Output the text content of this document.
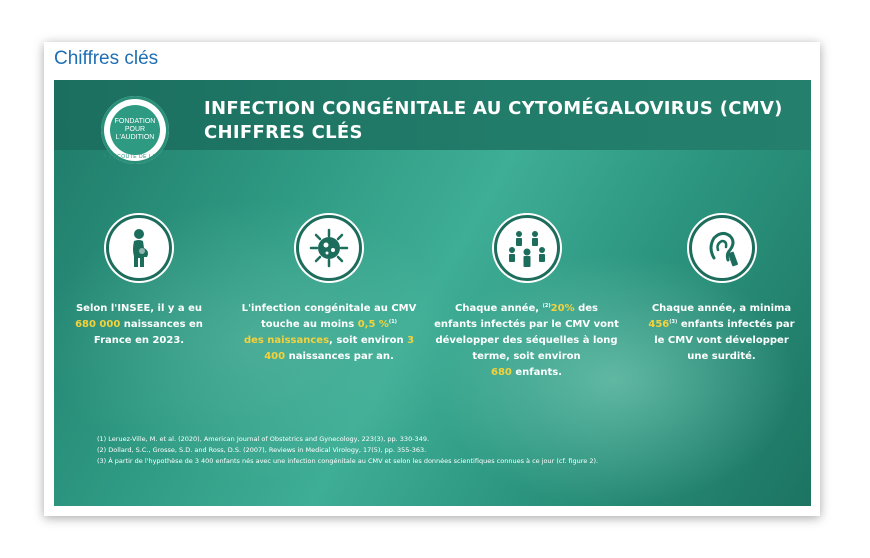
Chiffres clés
FONDATION
POUR
L'AUDITION
À L'ÉCOUTE DE LA VIE
INFECTION CONGÉNITALE AU CYTOMÉGALOVIRUS (CMV)
CHIFFRES CLÉS
Selon l'INSEE, il y a eu
680 000 naissances en France en 2023.
L'infection congénitale au CMV touche au moins 0,5 %$^{(1)}$
des naissances, soit environ 3 400 naissances par an.
Chaque année, $^{(2)}$20% des enfants infectés par le CMV vont développer des séquelles à long terme, soit environ
680 enfants.
Chaque année, a minima
456$^{(3)}$ enfants infectés par le CMV vont développer une surdité.
(1) Leruez-Ville, M. et al. (2020), American Journal of Obstetrics and Gynecology, 223(3), pp. 330-349.
(2) Dollard, S.C., Grosse, S.D. and Ross, D.S. (2007), Reviews in Medical Virology, 17(5), pp. 355-363.
(3) À partir de l'hypothèse de 3 400 enfants nés avec une infection congénitale au CMV et selon les données scientifiques connues à ce jour (cf. figure 2).
